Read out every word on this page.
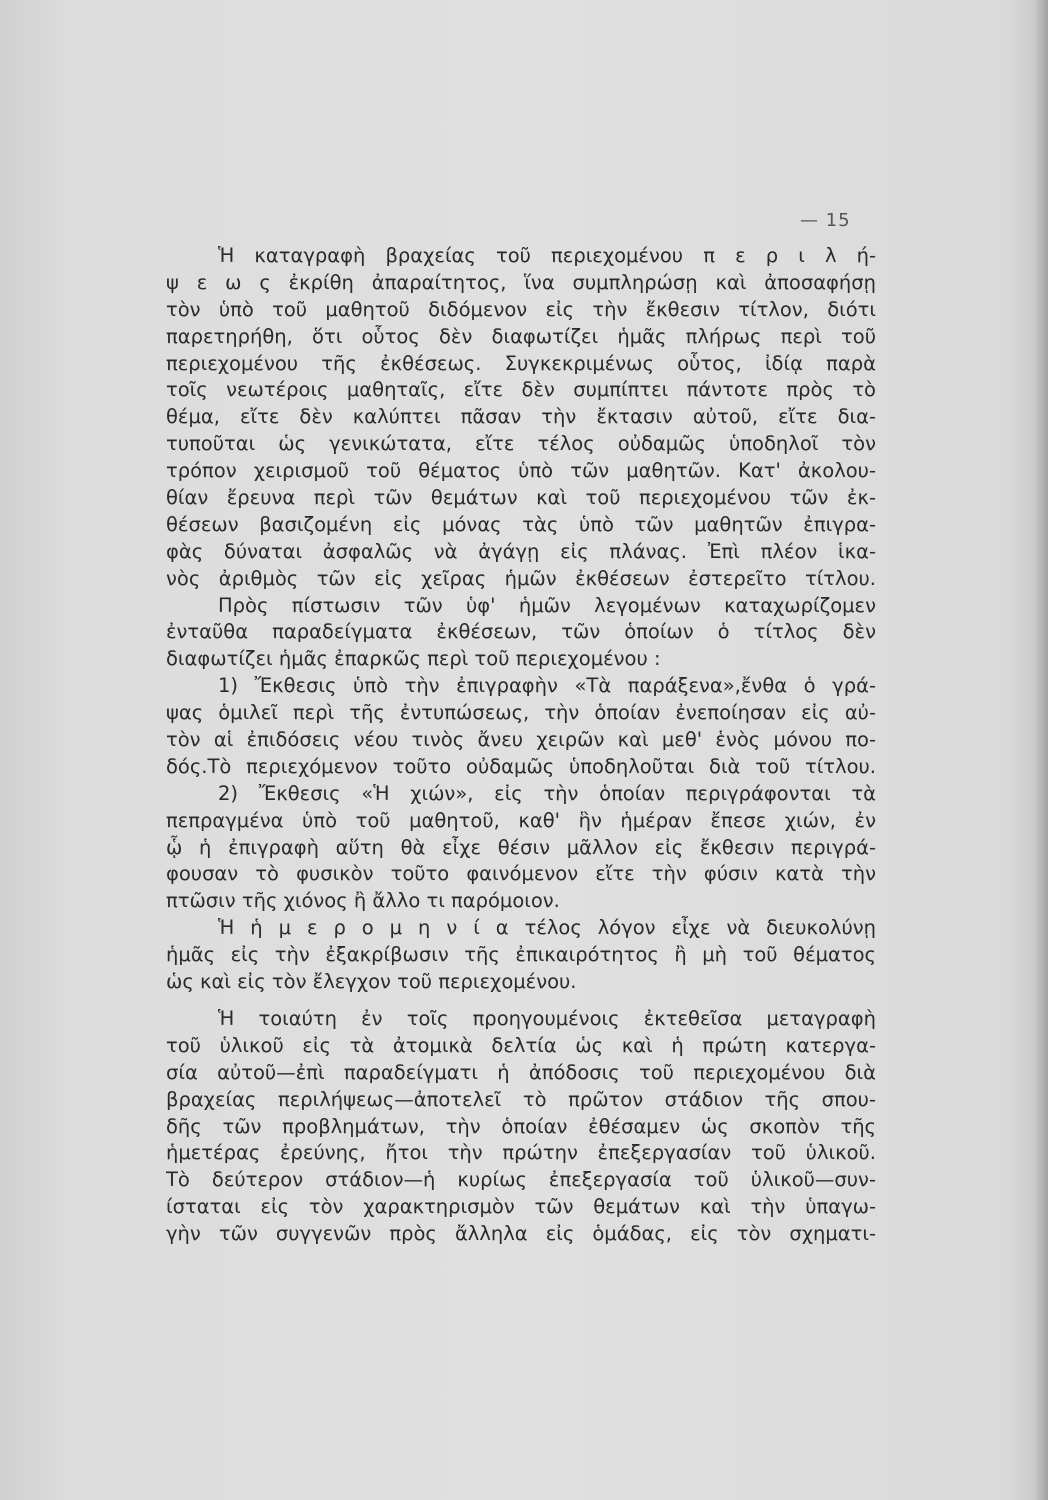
— 15
Ἡ καταγραφὴ βραχείας τοῦ περιεχομένου π ε ρ ι λ ή-
ψ ε ω ς ἐκρίθη ἀπαραίτητος, ἵνα συμπληρώσῃ καὶ ἀποσαφήσῃ
τὸν ὑπὸ τοῦ μαθητοῦ διδόμενον εἰς τὴν ἔκθεσιν τίτλον, διότι
παρετηρήθη, ὅτι οὗτος δὲν διαφωτίζει ἡμᾶς πλήρως περὶ τοῦ
περιεχομένου τῆς ἐκθέσεως. Συγκεκριμένως οὗτος, ἰδίᾳ παρὰ
τοῖς νεωτέροις μαθηταῖς, εἴτε δὲν συμπίπτει πάντοτε πρὸς τὸ
θέμα, εἴτε δὲν καλύπτει πᾶσαν τὴν ἔκτασιν αὐτοῦ, εἴτε δια-
τυποῦται ὡς γενικώτατα, εἴτε τέλος οὐδαμῶς ὑποδηλοῖ τὸν
τρόπον χειρισμοῦ τοῦ θέματος ὑπὸ τῶν μαθητῶν. Κατ' ἀκολου-
θίαν ἔρευνα περὶ τῶν θεμάτων καὶ τοῦ περιεχομένου τῶν ἐκ-
θέσεων βασιζομένη εἰς μόνας τὰς ὑπὸ τῶν μαθητῶν ἐπιγρα-
φὰς δύναται ἀσφαλῶς νὰ ἀγάγῃ εἰς πλάνας. Ἐπὶ πλέον ἱκα-
νὸς ἀριθμὸς τῶν εἰς χεῖρας ἡμῶν ἐκθέσεων ἐστερεῖτο τίτλου.
Πρὸς πίστωσιν τῶν ὑφ' ἡμῶν λεγομένων καταχωρίζομεν
ἐνταῦθα παραδείγματα ἐκθέσεων, τῶν ὁποίων ὁ τίτλος δὲν
διαφωτίζει ἡμᾶς ἐπαρκῶς περὶ τοῦ περιεχομένου :
1) Ἔκθεσις ὑπὸ τὴν ἐπιγραφὴν «Τὰ παράξενα»,ἔνθα ὁ γρά-
ψας ὁμιλεῖ περὶ τῆς ἐντυπώσεως, τὴν ὁποίαν ἐνεποίησαν εἰς αὐ-
τὸν αἱ ἐπιδόσεις νέου τινὸς ἄνευ χειρῶν καὶ μεθ' ἑνὸς μόνου πο-
δός.Τὸ περιεχόμενον τοῦτο οὐδαμῶς ὑποδηλοῦται διὰ τοῦ τίτλου.
2) Ἔκθεσις «Ἡ χιών», εἰς τὴν ὁποίαν περιγράφονται τὰ
πεπραγμένα ὑπὸ τοῦ μαθητοῦ, καθ' ἣν ἡμέραν ἔπεσε χιών, ἐν
ᾧ ἡ ἐπιγραφὴ αὕτη θὰ εἶχε θέσιν μᾶλλον εἰς ἔκθεσιν περιγρά-
φουσαν τὸ φυσικὸν τοῦτο φαινόμενον εἴτε τὴν φύσιν κατὰ τὴν
πτῶσιν τῆς χιόνος ἢ ἄλλο τι παρόμοιον.
Ἡ ἡ μ ε ρ ο μ η ν ί α τέλος λόγον εἶχε νὰ διευκολύνῃ
ἡμᾶς εἰς τὴν ἐξακρίβωσιν τῆς ἐπικαιρότητος ἢ μὴ τοῦ θέματος
ὡς καὶ εἰς τὸν ἔλεγχον τοῦ περιεχομένου.
Ἡ τοιαύτη ἐν τοῖς προηγουμένοις ἐκτεθεῖσα μεταγραφὴ
τοῦ ὑλικοῦ εἰς τὰ ἀτομικὰ δελτία ὡς καὶ ἡ πρώτη κατεργα-
σία αὐτοῦ—ἐπὶ παραδείγματι ἡ ἀπόδοσις τοῦ περιεχομένου διὰ
βραχείας περιλήψεως—ἀποτελεῖ τὸ πρῶτον στάδιον τῆς σπου-
δῆς τῶν προβλημάτων, τὴν ὁποίαν ἐθέσαμεν ὡς σκοπὸν τῆς
ἡμετέρας ἐρεύνης, ἤτοι τὴν πρώτην ἐπεξεργασίαν τοῦ ὑλικοῦ.
Τὸ δεύτερον στάδιον—ἡ κυρίως ἐπεξεργασία τοῦ ὑλικοῦ—συν-
ίσταται εἰς τὸν χαρακτηρισμὸν τῶν θεμάτων καὶ τὴν ὑπαγω-
γὴν τῶν συγγενῶν πρὸς ἄλληλα εἰς ὁμάδας, εἰς τὸν σχηματι-
